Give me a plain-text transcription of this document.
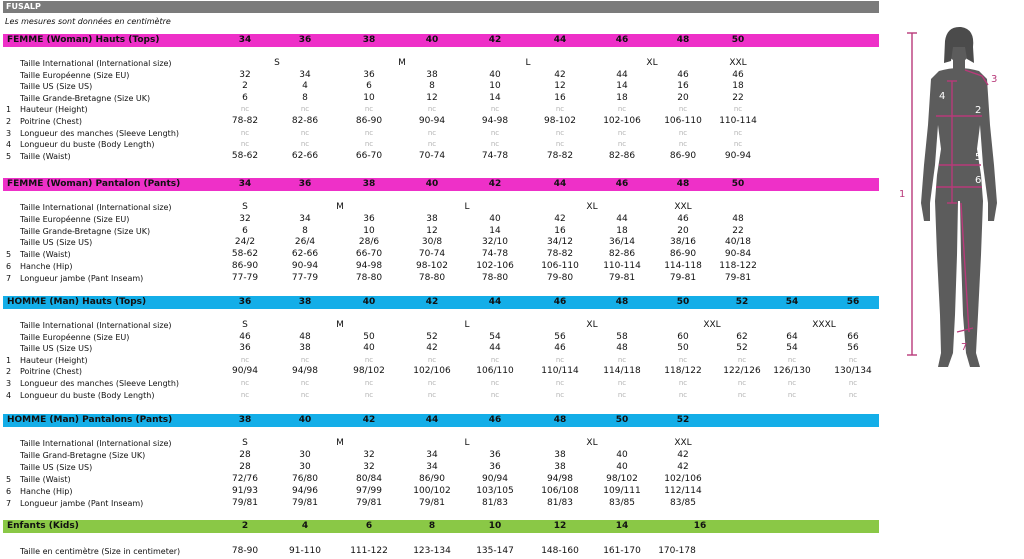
FUSALP
Les mesures sont données en centimètre
FEMME (Woman) Hauts (Tops)	34	36	38	40	42	44	46	48	50
Taille International (International size)	S	M	L	XL	XXL
Taille Européenne (Size EU)	32	34	36	38	40	42	44	46	46
Taille US (Size US)	2	4	6	8	10	12	14	16	18
Taille Grande-Bretagne (Size UK)	6	8	10	12	14	16	18	20	22
1 Hauteur (Height)	nc	nc	nc	nc	nc	nc	nc	nc	nc
2 Poitrine (Chest)	78-82	82-86	86-90	90-94	94-98	98-102	102-106	106-110	110-114
3 Longueur des manches (Sleeve Length)	nc	nc	nc	nc	nc	nc	nc	nc	nc
4 Longueur du buste (Body Length)	nc	nc	nc	nc	nc	nc	nc	nc	nc
5 Taille (Waist)	58-62	62-66	66-70	70-74	74-78	78-82	82-86	86-90	90-94
FEMME (Woman) Pantalon (Pants)	34	36	38	40	42	44	46	48	50
Taille International (International size)	S	M	L	XL	XXL
Taille Européenne (Size EU)	32	34	36	38	40	42	44	46	48
Taille Grande-Bretagne (Size UK)	6	8	10	12	14	16	18	20	22
Taille US (Size US)	24/2	26/4	28/6	30/8	32/10	34/12	36/14	38/16	40/18
5 Taille (Waist)	58-62	62-66	66-70	70-74	74-78	78-82	82-86	86-90	90-84
6 Hanche (Hip)	86-90	90-94	94-98	98-102	102-106	106-110	110-114	114-118	118-122
7 Longueur jambe (Pant Inseam)	77-79	77-79	78-80	78-80	78-80	79-80	79-81	79-81	79-81
HOMME (Man) Hauts (Tops)	36	38	40	42	44	46	48	50	52	54	56
Taille International (International size)	S	M	L	XL	XXL	XXXL
Taille Européenne (Size EU)	46	48	50	52	54	56	58	60	62	64	66
Taille US (Size US)	36	38	40	42	44	46	48	50	52	54	56
1 Hauteur (Height)	nc	nc	nc	nc	nc	nc	nc	nc	nc	nc	nc
2 Poitrine (Chest)	90/94	94/98	98/102	102/106	106/110	110/114	114/118	118/122	122/126	126/130	130/134
3 Longueur des manches (Sleeve Length)	nc	nc	nc	nc	nc	nc	nc	nc	nc	nc	nc
4 Longueur du buste (Body Length)	nc	nc	nc	nc	nc	nc	nc	nc	nc	nc	nc
HOMME (Man) Pantalons (Pants)	38	40	42	44	46	48	50	52
Taille International (International size)	S	M	L	XL	XXL
Taille Grand-Bretagne (Size UK)	28	30	32	34	36	38	40	42
Taille US (Size US)	28	30	32	34	36	38	40	42
5 Taille (Waist)	72/76	76/80	80/84	86/90	90/94	94/98	98/102	102/106
6 Hanche (Hip)	91/93	94/96	97/99	100/102	103/105	106/108	109/111	112/114
7 Longueur jambe (Pant Inseam)	79/81	79/81	79/81	79/81	81/83	81/83	83/85	83/85
Enfants (Kids)	2	4	6	8	10	12	14	16
Taille en centimètre (Size in centimeter)	78-90	91-110	111-122	123-134	135-147	148-160	161-170	170-178
1
2
3
4
5
6
7
